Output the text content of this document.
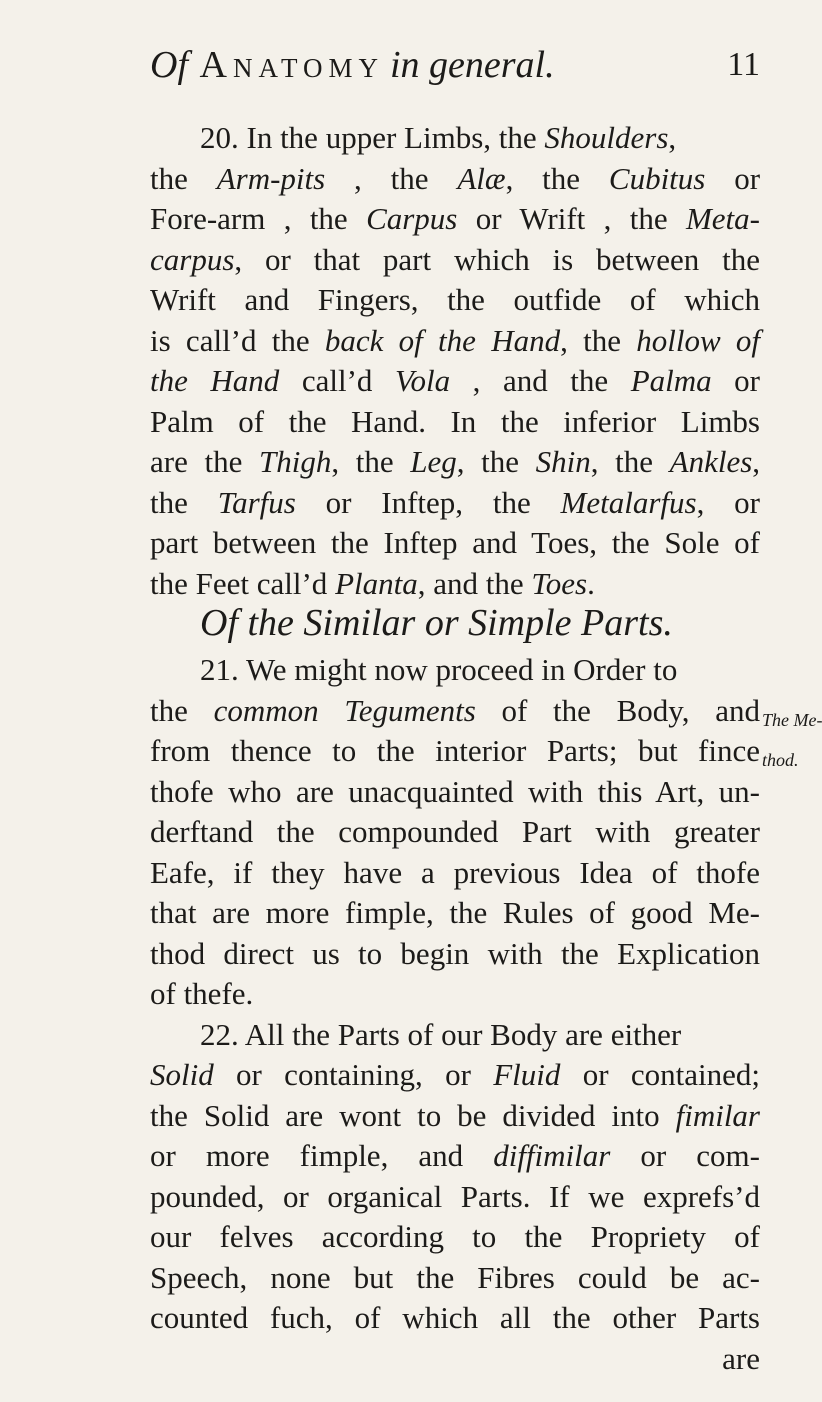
Of Anatomy in general.	11
20. In the upper Limbs, the Shoulders,
the Arm-pits , the Alæ, the Cubitus or
Fore-arm , the Carpus or Wrift , the Meta-
carpus, or that part which is between the
Wrift and Fingers, the outfide of which
is call’d the back of the Hand, the hollow of
the Hand call’d Vola , and the Palma or
Palm of the Hand. In the inferior Limbs
are the Thigh, the Leg, the Shin, the Ankles,
the Tarfus or Inftep, the Metalarfus, or
part between the Inftep and Toes, the Sole of
the Feet call’d Planta, and the Toes.
Of the Similar or Simple Parts.
21. We might now proceed in Order to
the common Teguments of the Body, and
from thence to the interior Parts; but fince
thofe who are unacquainted with this Art, un-
derftand the compounded Part with greater
Eafe, if they have a previous Idea of thofe
that are more fimple, the Rules of good Me-
thod direct us to begin with the Explication
of thefe.
22. All the Parts of our Body are either
Solid or containing, or Fluid or contained;
the Solid are wont to be divided into fimilar
or more fimple, and diffimilar or com-
pounded, or organical Parts. If we exprefs’d
our felves according to the Propriety of
Speech, none but the Fibres could be ac-
counted fuch, of which all the other Parts
are
The Me-
thod.
